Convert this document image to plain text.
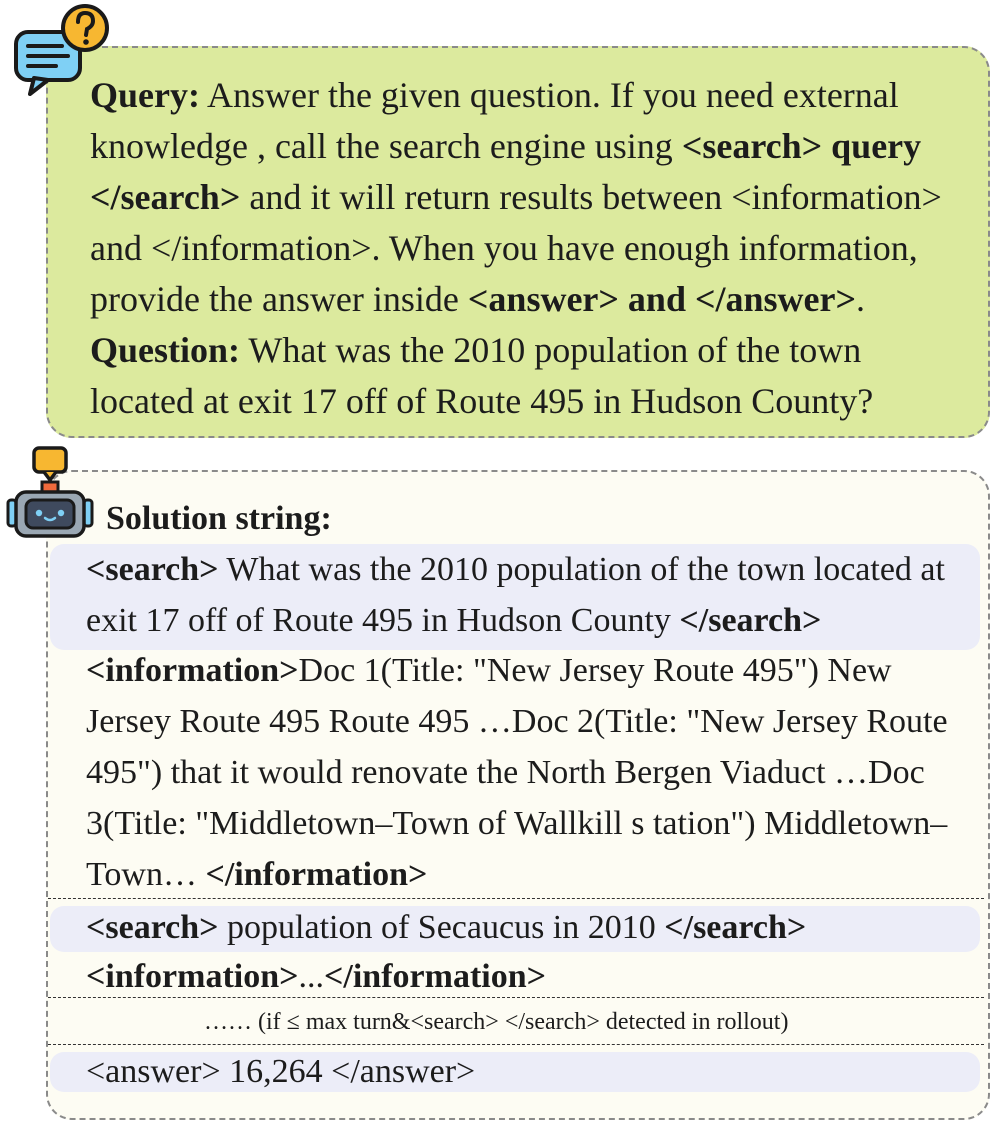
Query: Answer the given question. If you need external knowledge , call the search engine using <search> query </search> and it will return results between <information> and </information>. When you have enough information, provide the answer inside <answer> and </answer>.
Question: What was the 2010 population of the town located at exit 17 off of Route 495 in Hudson County?

Solution string:

<search> What was the 2010 population of the town located at exit 17 off of Route 495 in Hudson County </search>

<information>Doc 1(Title: "New Jersey Route 495") New Jersey Route 495 Route 495 …Doc 2(Title: "New Jersey Route 495") that it would renovate the North Bergen Viaduct …Doc 3(Title: "Middletown–Town of Wallkill s tation") Middletown–Town… </information>

<search> population of Secaucus in 2010 </search>

<information>...</information>

…… (if ≤ max turn&<search> </search> detected in rollout)

<answer> 16,264 </answer>
